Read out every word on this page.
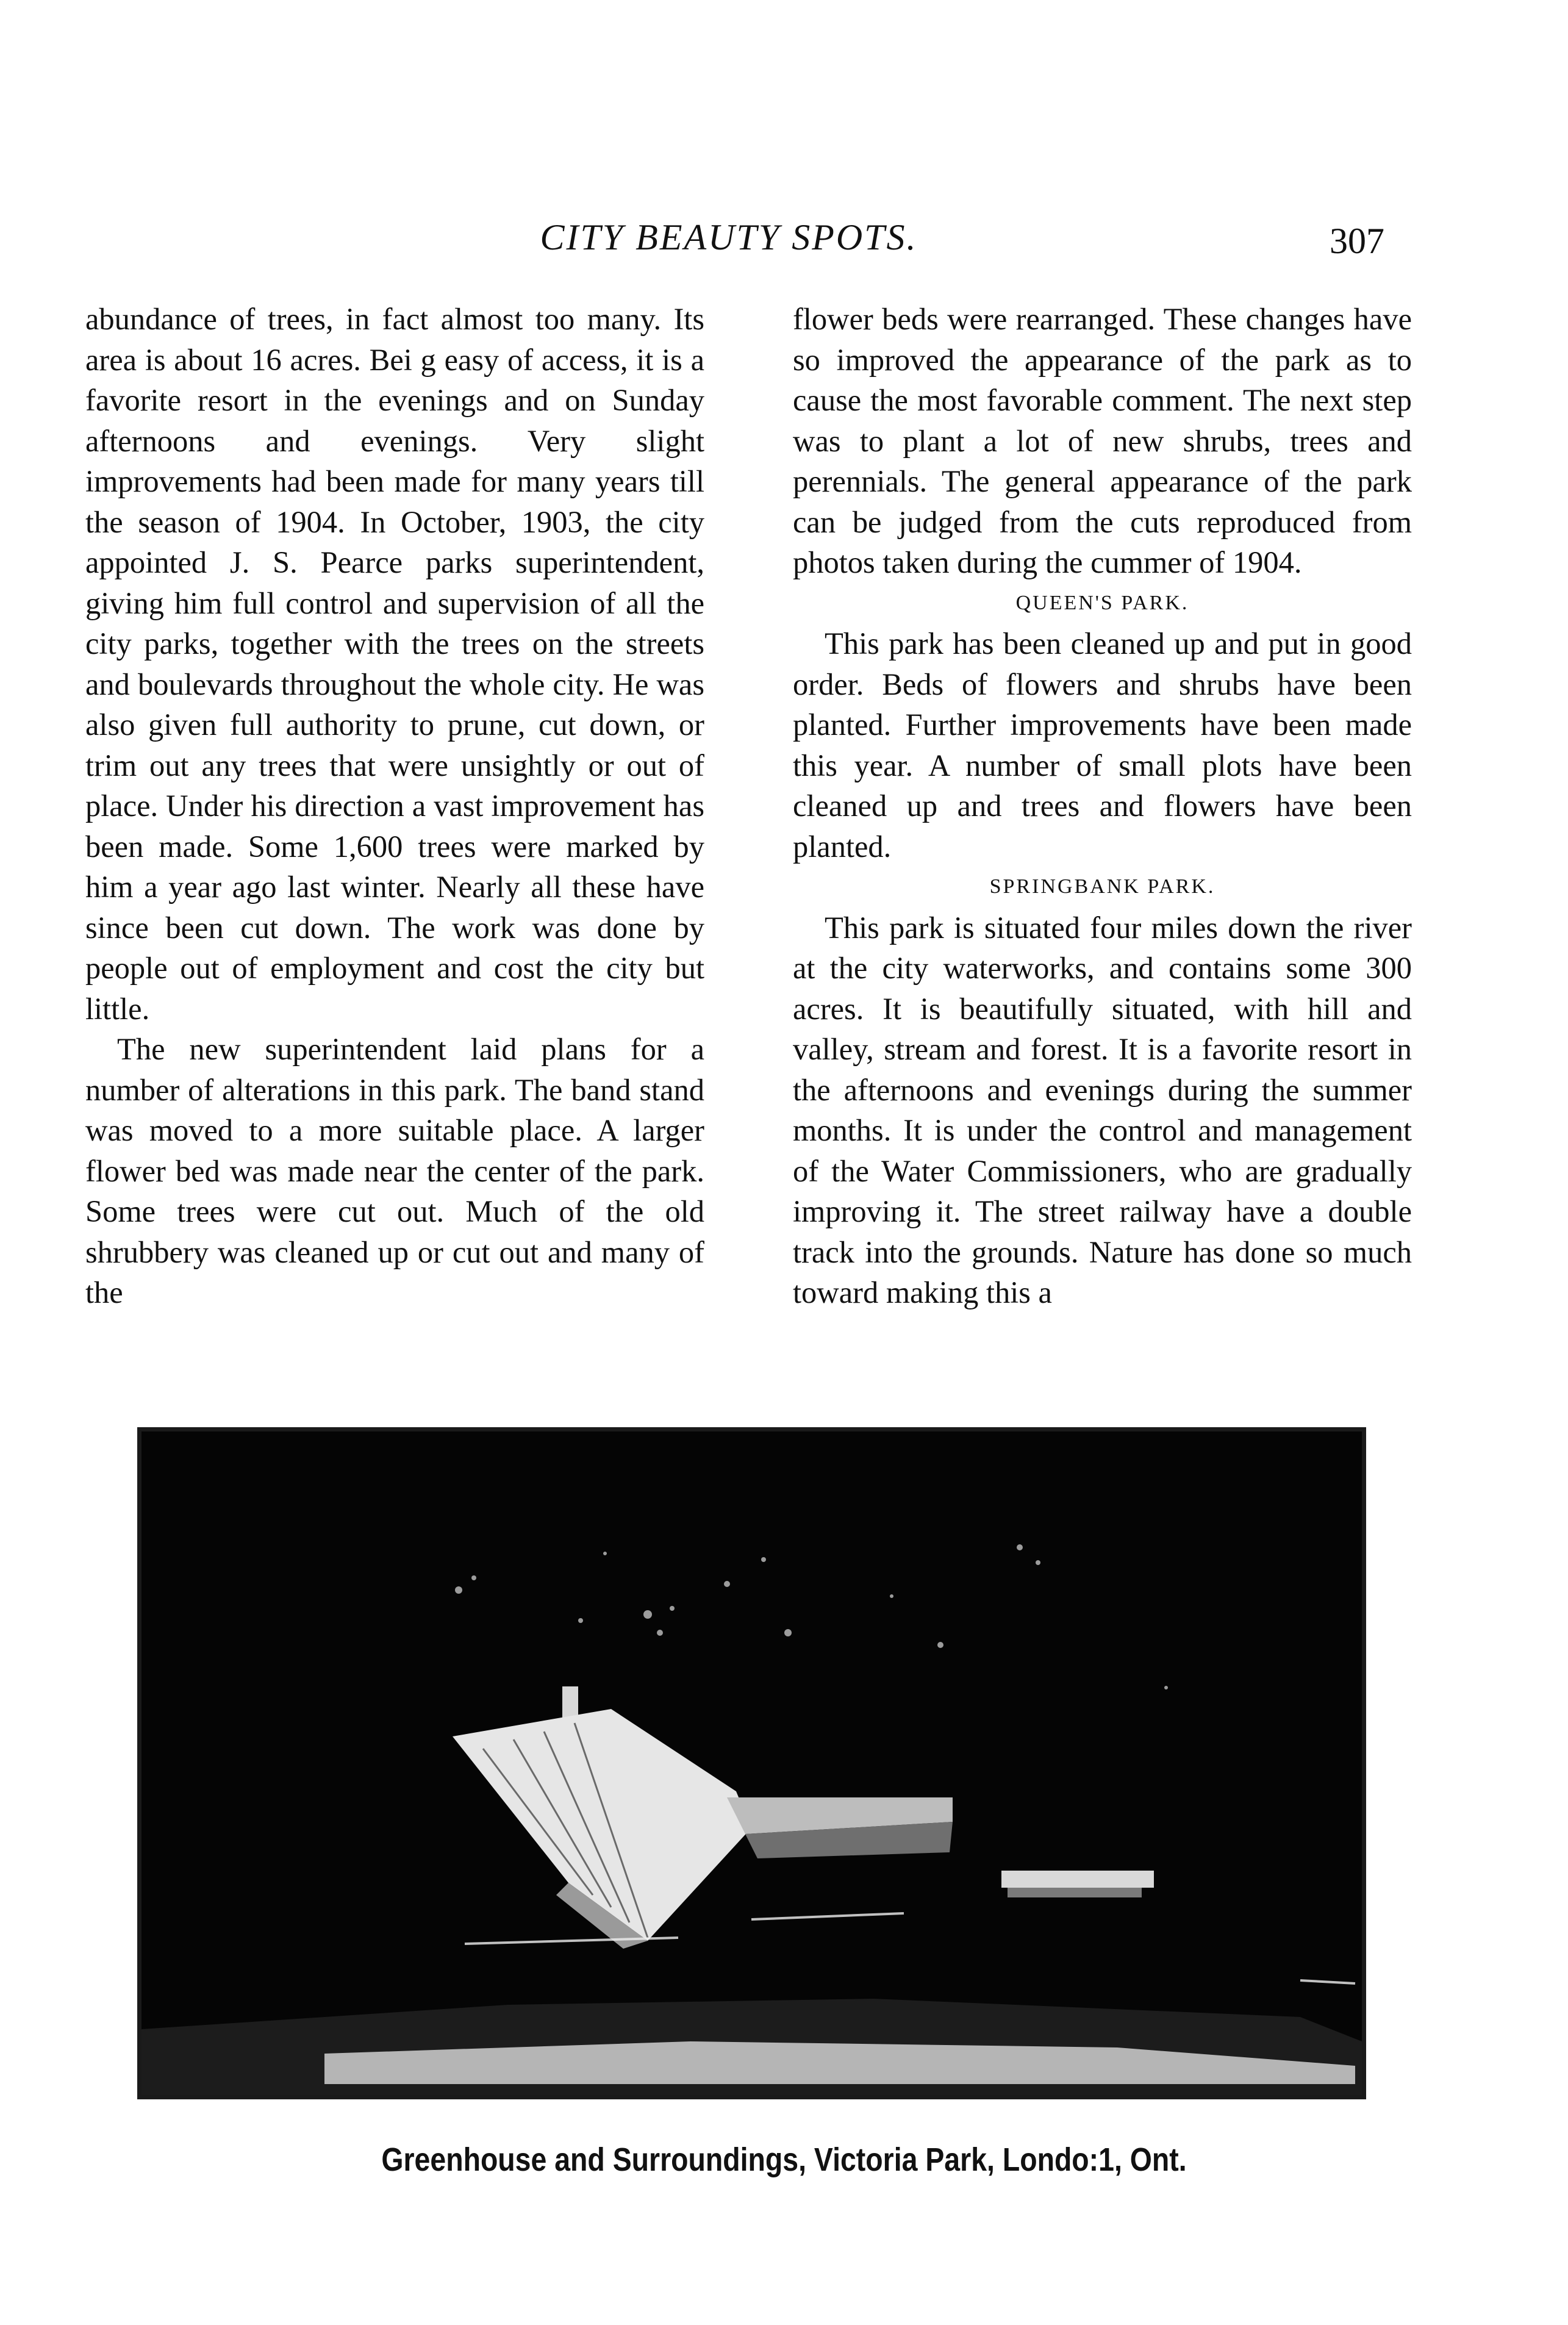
CITY BEAUTY SPOTS.	307

abundance of trees, in fact almost too many. Its area is about 16 acres. Bei g easy of access, it is a favorite resort in the evenings and on Sunday afternoons and evenings. Very slight improvements had been made for many years till the season of 1904. In October, 1903, the city appointed J. S. Pearce parks superintendent, giving him full control and supervision of all the city parks, together with the trees on the streets and boulevards throughout the whole city. He was also given full authority to prune, cut down, or trim out any trees that were unsightly or out of place. Under his direction a vast improvement has been made. Some 1,600 trees were marked by him a year ago last winter. Nearly all these have since been cut down. The work was done by people out of employment and cost the city but little.

The new superintendent laid plans for a number of alterations in this park. The band stand was moved to a more suitable place. A larger flower bed was made near the center of the park. Some trees were cut out. Much of the old shrubbery was cleaned up or cut out and many of the

flower beds were rearranged. These changes have so improved the appearance of the park as to cause the most favorable comment. The next step was to plant a lot of new shrubs, trees and perennials. The general appearance of the park can be judged from the cuts reproduced from photos taken during the cummer of 1904.

QUEEN'S PARK.

This park has been cleaned up and put in good order. Beds of flowers and shrubs have been planted. Further improvements have been made this year. A number of small plots have been cleaned up and trees and flowers have been planted.

SPRINGBANK PARK.

This park is situated four miles down the river at the city waterworks, and contains some 300 acres. It is beautifully situated, with hill and valley, stream and forest. It is a favorite resort in the afternoons and evenings during the summer months. It is under the control and management of the Water Commissioners, who are gradually improving it. The street railway have a double track into the grounds. Nature has done so much toward making this a

Greenhouse and Surroundings, Victoria Park, Londo:1, Ont.
